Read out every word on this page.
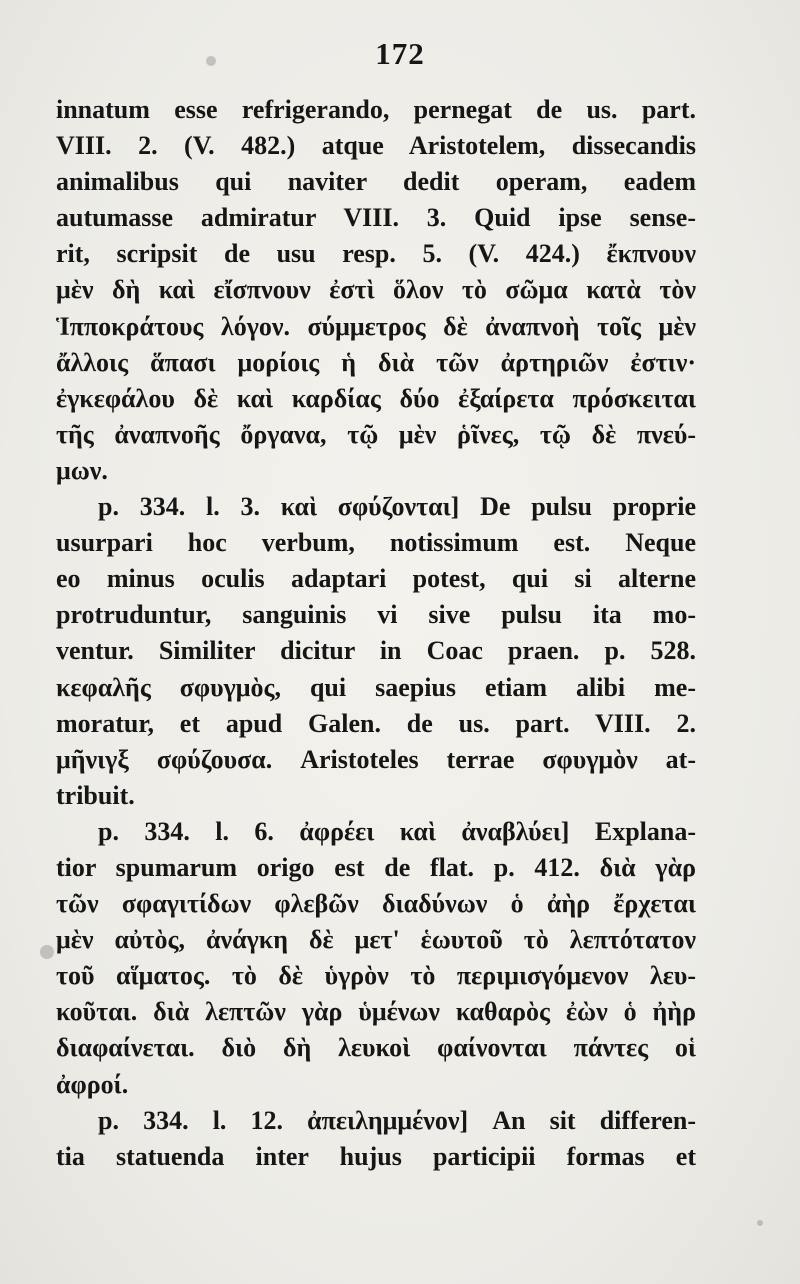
172
innatum esse refrigerando, pernegat de us. part.
VIII. 2. (V. 482.) atque Aristotelem, dissecandis
animalibus qui naviter dedit operam, eadem
autumasse admiratur VIII. 3. Quid ipse sense-
rit, scripsit de usu resp. 5. (V. 424.) ἔκπνουν
μὲν δὴ καὶ εἴσπνουν ἐστὶ ὅλον τὸ σῶμα κατὰ τὸν
Ἱπποκράτους λόγον. σύμμετρος δὲ ἀναπνοὴ τοῖς μὲν
ἄλλοις ἅπασι μορίοις ἡ διὰ τῶν ἀρτηριῶν ἐστιν·
ἐγκεφάλου δὲ καὶ καρδίας δύο ἐξαίρετα πρόσκειται
τῆς ἀναπνοῆς ὄργανα, τῷ μὲν ῥῖνες, τῷ δὲ πνεύ-
μων.
p. 334. l. 3. καὶ σφύζονται] De pulsu proprie
usurpari hoc verbum, notissimum est. Neque
eo minus oculis adaptari potest, qui si alterne
protruduntur, sanguinis vi sive pulsu ita mo-
ventur. Similiter dicitur in Coac praen. p. 528.
κεφαλῆς σφυγμὸς, qui saepius etiam alibi me-
moratur, et apud Galen. de us. part. VIII. 2.
μῆνιγξ σφύζουσα. Aristoteles terrae σφυγμὸν at-
tribuit.
p. 334. l. 6. ἀφρέει καὶ ἀναβλύει] Explana-
tior spumarum origo est de flat. p. 412. διὰ γὰρ
τῶν σφαγιτίδων φλεβῶν διαδύνων ὁ ἀὴρ ἔρχεται
μὲν αὐτὸς, ἀνάγκη δὲ μετ' ἑωυτοῦ τὸ λεπτότατον
τοῦ αἵματος. τὸ δὲ ὑγρὸν τὸ περιμισγόμενον λευ-
κοῦται. διὰ λεπτῶν γὰρ ὑμένων καθαρὸς ἐὼν ὁ ἠὴρ
διαφαίνεται. διὸ δὴ λευκοὶ φαίνονται πάντες οἱ
ἀφροί.
p. 334. l. 12. ἀπειλημμένον] An sit differen-
tia statuenda inter hujus participii formas et
